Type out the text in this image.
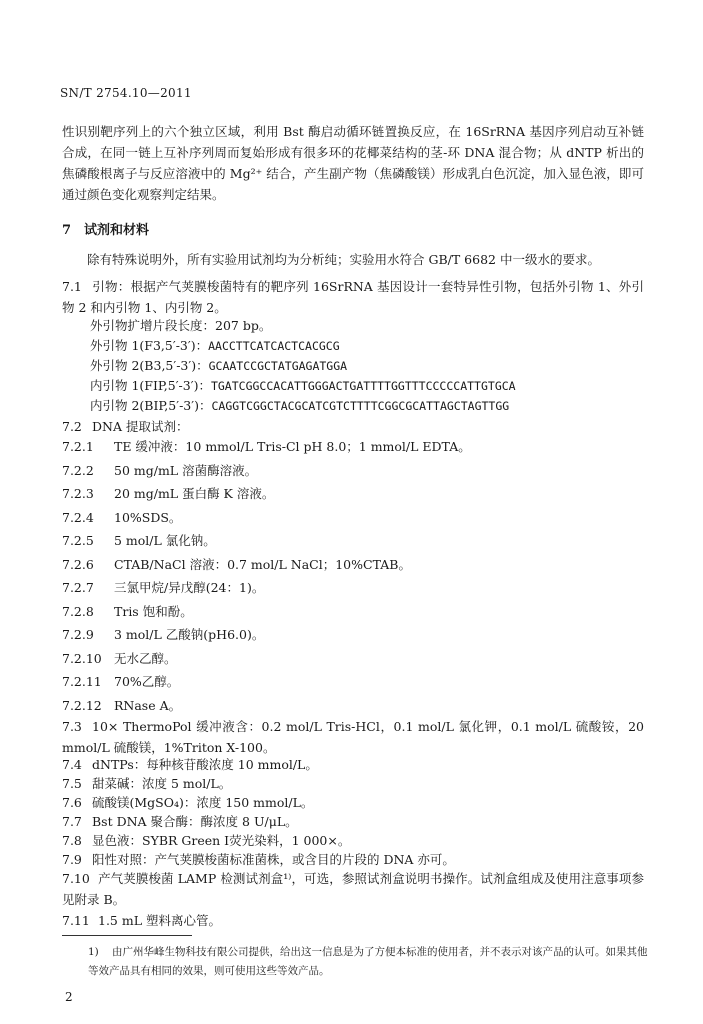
SN/T 2754.10—2011

性识别靶序列上的六个独立区域，利用 Bst 酶启动循环链置换反应，在 16SrRNA 基因序列启动互补链合成，在同一链上互补序列周而复始形成有很多环的花椰菜结构的茎-环 DNA 混合物；从 dNTP 析出的焦磷酸根离子与反应溶液中的 Mg²⁺ 结合，产生副产物（焦磷酸镁）形成乳白色沉淀，加入显色液，即可通过颜色变化观察判定结果。

7 试剂和材料

除有特殊说明外，所有实验用试剂均为分析纯；实验用水符合 GB/T 6682 中一级水的要求。

7.1 引物：根据产气荚膜梭菌特有的靶序列 16SrRNA 基因设计一套特异性引物，包括外引物 1、外引物 2 和内引物 1、内引物 2。

外引物扩增片段长度：207 bp。

外引物 1(F3,5′-3′)：AACCTTCATCACTCACGCG

外引物 2(B3,5′-3′)：GCAATCCGCTATGAGATGGA

内引物 1(FIP,5′-3′)：TGATCGGCCACATTGGGACTGATTTTGGTTTCCCCCATTGTGCA

内引物 2(BIP,5′-3′)：CAGGTCGGCTACGCATCGTCTTTTCGGCGCATTAGCTAGTTGG

7.2 DNA 提取试剂：

7.2.1 TE 缓冲液：10 mmol/L Tris-Cl pH 8.0；1 mmol/L EDTA。

7.2.2 50 mg/mL 溶菌酶溶液。

7.2.3 20 mg/mL 蛋白酶 K 溶液。

7.2.4 10%SDS。

7.2.5 5 mol/L 氯化钠。

7.2.6 CTAB/NaCl 溶液：0.7 mol/L NaCl；10%CTAB。

7.2.7 三氯甲烷/异戊醇(24：1)。

7.2.8 Tris 饱和酚。

7.2.9 3 mol/L 乙酸钠(pH6.0)。

7.2.10 无水乙醇。

7.2.11 70%乙醇。

7.2.12 RNase A。

7.3 10× ThermoPol 缓冲液含：0.2 mol/L Tris-HCl，0.1 mol/L 氯化钾，0.1 mol/L 硫酸铵，20 mmol/L 硫酸镁，1%Triton X-100。

7.4 dNTPs：每种核苷酸浓度 10 mmol/L。

7.5 甜菜碱：浓度 5 mol/L。

7.6 硫酸镁(MgSO₄)：浓度 150 mmol/L。

7.7 Bst DNA 聚合酶：酶浓度 8 U/μL。

7.8 显色液：SYBR Green Ⅰ荧光染料，1 000×。

1) 由广州华峰生物科技有限公司提供，给出这一信息是为了方便本标准的使用者，并不表示对该产品的认可。如果其他等效产品具有相同的效果，则可使用这些等效产品。

2

7.9 阳性对照：产气荚膜梭菌标准菌株，或含目的片段的 DNA 亦可。

7.10 产气荚膜梭菌 LAMP 检测试剂盒¹⁾，可选，参照试剂盒说明书操作。试剂盒组成及使用注意事项参见附录 B。

7.11 1.5 mL 塑料离心管。
